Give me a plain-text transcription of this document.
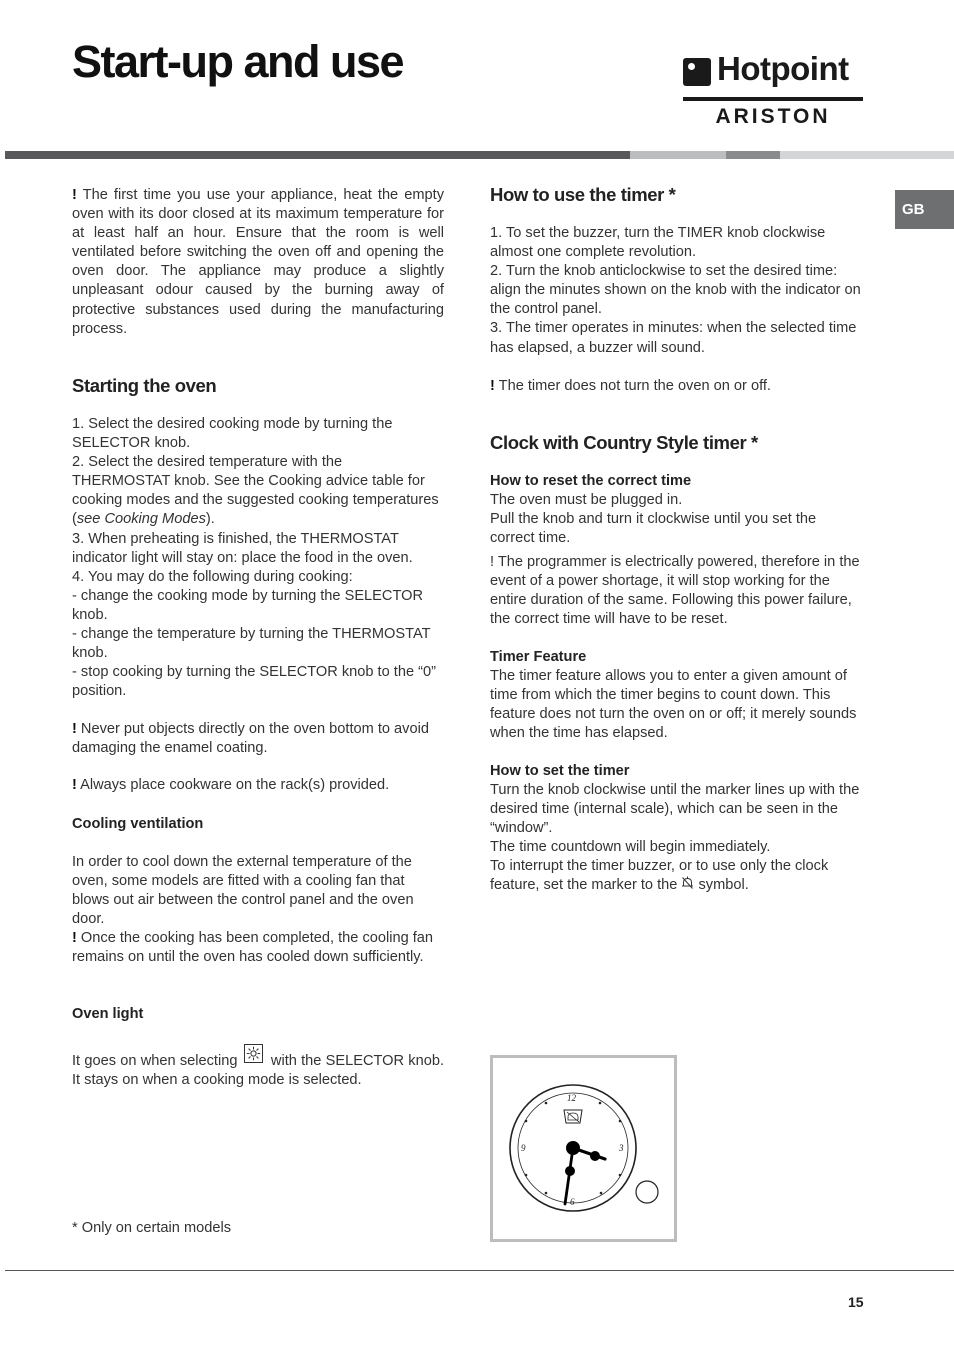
Start-up and use	Hotpoint
ARISTON
GB

! The first time you use your appliance, heat the empty oven with its door closed at its maximum temperature for at least half an hour. Ensure that the room is well ventilated before switching the oven off and opening the oven door. The appliance may produce a slightly unpleasant odour caused by the burning away of protective substances used during the manufacturing process.

Starting the oven

1. Select the desired cooking mode by turning the SELECTOR knob.
2. Select the desired temperature with the THERMOSTAT knob. See the Cooking advice table for cooking modes and the suggested cooking temperatures (see Cooking Modes).
3. When preheating is finished, the THERMOSTAT indicator light will stay on: place the food in the oven.
4. You may do the following during cooking:
- change the cooking mode by turning the SELECTOR knob.
- change the temperature by turning the THERMOSTAT knob.
- stop cooking by turning the SELECTOR knob to the “0” position.

! Never put objects directly on the oven bottom to avoid damaging the enamel coating.

! Always place cookware on the rack(s) provided.

Cooling ventilation

In order to cool down the external temperature of the oven, some models are fitted with a cooling fan that blows out air between the control panel and the oven door.

! Once the cooking has been completed, the cooling fan remains on until the oven has cooled down sufficiently.

Oven light

It goes on when selecting
with the SELECTOR knob. It stays on when a cooking mode is selected.

How to use the timer *

1. To set the buzzer, turn the TIMER knob clockwise almost one complete revolution.
2. Turn the knob anticlockwise to set the desired time: align the minutes shown on the knob with the indicator on the control panel.
3. The timer operates in minutes: when the selected time has elapsed, a buzzer will sound.

! The timer does not turn the oven on or off.

Clock with Country Style timer *
How to reset the correct time

The oven must be plugged in.
Pull the knob and turn it clockwise until you set the correct time.

! The programmer is electrically powered, therefore in the event of a power shortage, it will stop working for the entire duration of the same. Following this power failure, the correct time will have to be reset.

Timer Feature

The timer feature allows you to enter a given amount of time from which the timer begins to count down. This feature does not turn the oven on or off; it merely sounds when the time has elapsed.

How to set the timer

Turn the knob clockwise until the marker lines up with the desired time (internal scale), which can be seen in the “window”.
The time countdown will begin immediately.
To interrupt the timer buzzer, or to use only the clock feature, set the marker to the  symbol.

12
3
6
9
* Only on certain models
15
